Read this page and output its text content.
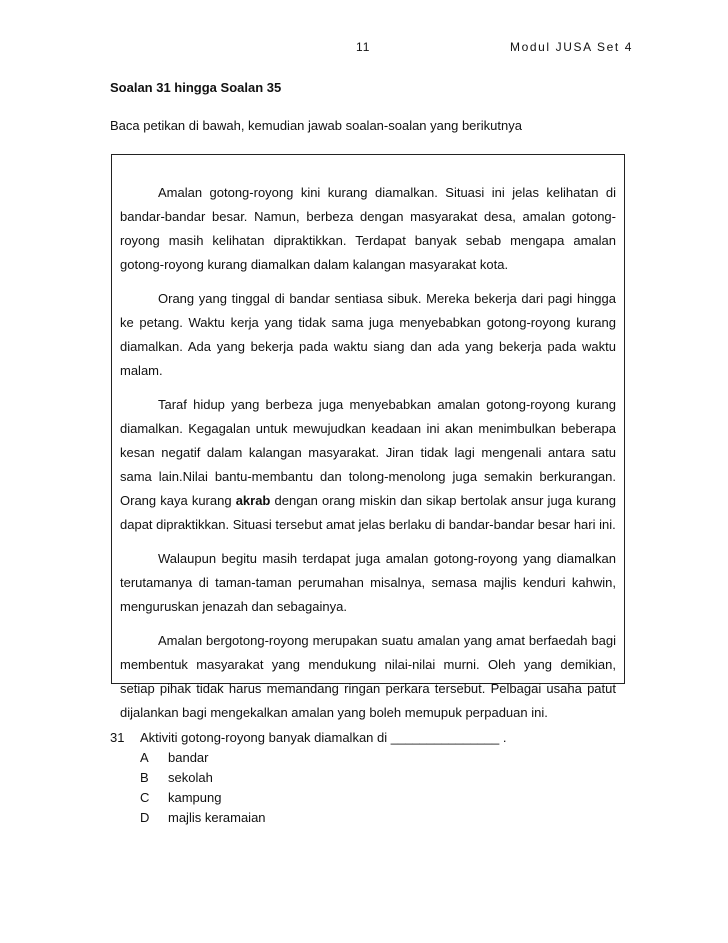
11	Modul JUSA Set 4
Soalan 31 hingga Soalan 35
Baca petikan di bawah, kemudian jawab soalan-soalan yang berikutnya

Amalan gotong-royong kini kurang diamalkan. Situasi ini jelas kelihatan di bandar-bandar besar. Namun, berbeza dengan masyarakat desa, amalan gotong-royong masih kelihatan dipraktikkan. Terdapat banyak sebab mengapa amalan gotong-royong kurang diamalkan dalam kalangan masyarakat kota.

Orang yang tinggal di bandar sentiasa sibuk. Mereka bekerja dari pagi hingga ke petang. Waktu kerja yang tidak sama juga menyebabkan gotong-royong kurang diamalkan. Ada yang bekerja pada waktu siang dan ada yang bekerja pada waktu malam.

Taraf hidup yang berbeza juga menyebabkan amalan gotong-royong kurang diamalkan. Kegagalan untuk mewujudkan keadaan ini akan menimbulkan beberapa kesan negatif dalam kalangan masyarakat. Jiran tidak lagi mengenali antara satu sama lain.Nilai bantu-membantu dan tolong-menolong juga semakin berkurangan. Orang kaya kurang akrab dengan orang miskin dan sikap bertolak ansur juga kurang dapat dipraktikkan. Situasi tersebut amat jelas berlaku di bandar-bandar besar hari ini.

Walaupun begitu masih terdapat juga amalan gotong-royong yang diamalkan terutamanya di taman-taman perumahan misalnya, semasa majlis kenduri kahwin, menguruskan jenazah dan sebagainya.

Amalan bergotong-royong merupakan suatu amalan yang amat berfaedah bagi membentuk masyarakat yang mendukung nilai-nilai murni. Oleh yang demikian, setiap pihak tidak harus memandang ringan perkara tersebut. Pelbagai usaha patut dijalankan bagi mengekalkan amalan yang boleh memupuk perpaduan ini.

31 Aktiviti gotong-royong banyak diamalkan di _______________ .
A bandar
B sekolah
C kampung
D majlis keramaian
